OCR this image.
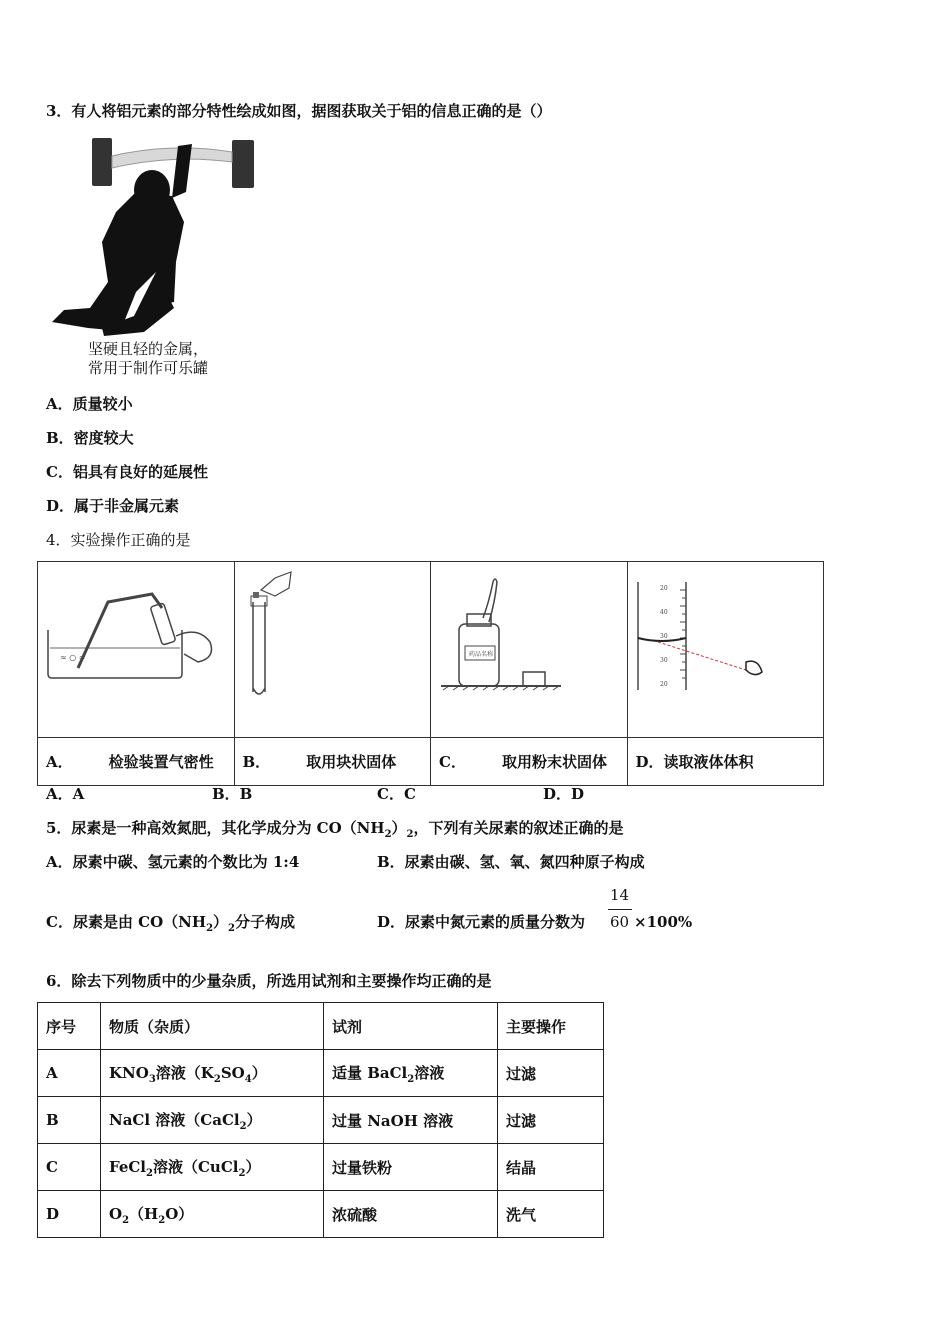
3．有人将铝元素的部分特性绘成如图，据图获取关于铝的信息正确的是（）
坚硬且轻的金属，
常用于制作可乐罐
A．质量较小
B．密度较大
C．铝具有良好的延展性
D．属于非金属元素
4．实验操作正确的是
≈ ○ ≈		药品名称	20
40
30
30
20

A． 检验装置气密性	B． 取用块状固体	C． 取用粉末状固体	D．读取液体体积
A．A	B．B	C．C	D．D
5．尿素是一种高效氮肥，其化学成分为 $CO(NH_2)_2$，下列有关尿素的叙述正确的是
A．尿素中碳、氢元素的个数比为 1:4	B．尿素由碳、氢、氧、氮四种原子构成
C．尿素是由 $CO(NH_2)_2$分子构成	D．尿素中氮元素的质量分数为
14
60 ×100%
6．除去下列物质中的少量杂质，所选用试剂和主要操作均正确的是
序号	物质（杂质）	试剂	主要操作
A	$KNO_3$溶液$(K_2SO_4)$	适量 BaCl$_2$溶液	过滤
B	NaCl 溶液（CaCl$_2$）	过量 NaOH 溶液	过滤
C	FeCl$_2$溶液（CuCl$_2$）	过量铁粉	结晶
D	$O_2(H_2O)$	浓硫酸	洗气
